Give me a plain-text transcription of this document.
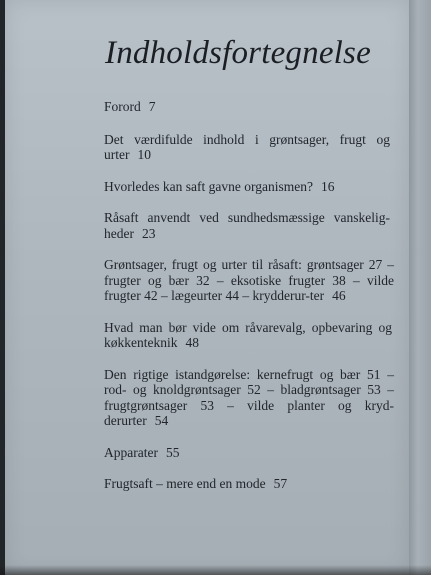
Indholdsfortegnelse
Forord 7
Det værdifulde indhold i grøntsager, frugt og urter 10
Hvorledes kan saft gavne organismen? 16
Råsaft anvendt ved sundhedsmæssige vanskelig-heder 23
Grøntsager, frugt og urter til råsaft: grøntsager 27 – frugter og bær 32 – eksotiske frugter 38 – vilde frugter 42 – lægeurter 44 – krydderur-ter 46
Hvad man bør vide om råvarevalg, opbevaring og køkkenteknik 48
Den rigtige istandgørelse: kernefrugt og bær 51 – rod- og knoldgrøntsager 52 – bladgrøntsager 53 – frugtgrøntsager 53 – vilde planter og kryd-derurter 54
Apparater 55
Frugtsaft – mere end en mode 57
